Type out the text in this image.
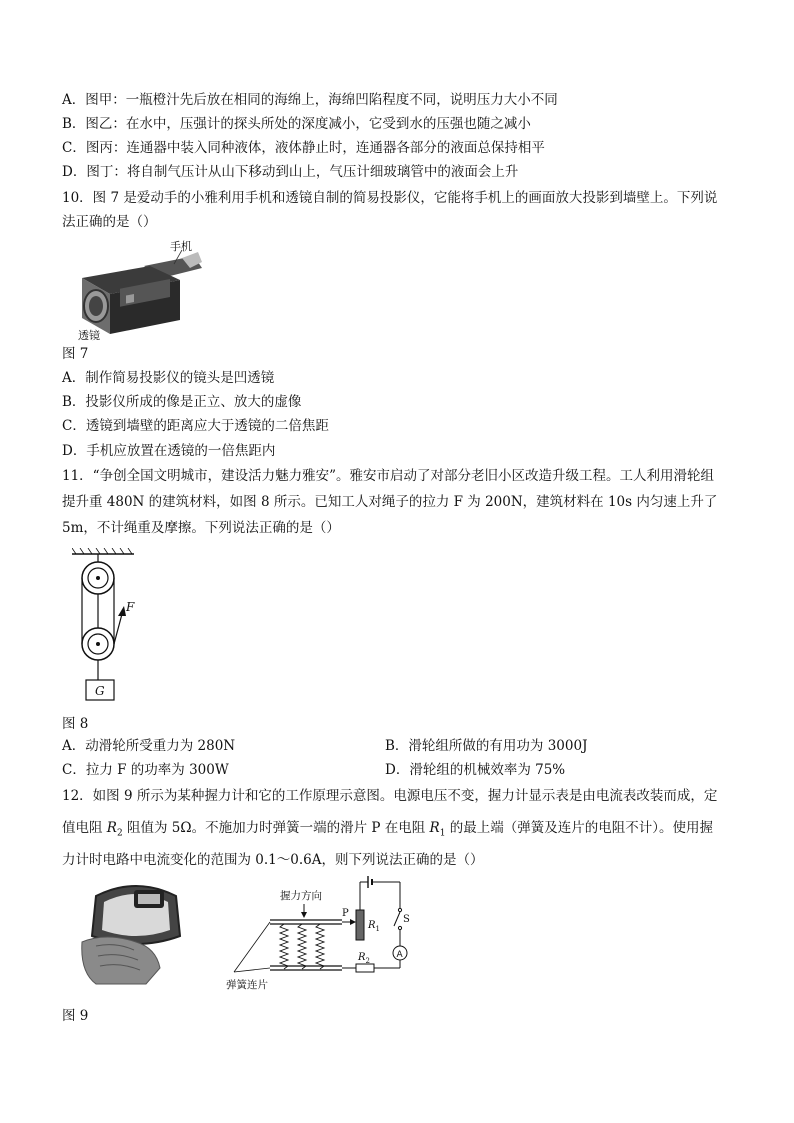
A．图甲：一瓶橙汁先后放在相同的海绵上，海绵凹陷程度不同，说明压力大小不同
B．图乙：在水中，压强计的探头所处的深度减小，它受到水的压强也随之减小
C．图丙：连通器中装入同种液体，液体静止时，连通器各部分的液面总保持相平
D．图丁：将自制气压计从山下移动到山上，气压计细玻璃管中的液面会上升
10．图 7 是爱动手的小雅利用手机和透镜自制的简易投影仪，它能将手机上的画面放大投影到墙壁上。下列说
法正确的是（）
手机
透镜
图 7
A．制作简易投影仪的镜头是凹透镜
B．投影仪所成的像是正立、放大的虚像
C．透镜到墙壁的距离应大于透镜的二倍焦距
D．手机应放置在透镜的一倍焦距内
11．“争创全国文明城市，建设活力魅力雅安”。雅安市启动了对部分老旧小区改造升级工程。工人利用滑轮组
提升重 480N 的建筑材料，如图 8 所示。已知工人对绳子的拉力 F 为 200N，建筑材料在 10s 内匀速上升了
5m，不计绳重及摩擦。下列说法正确的是（）
F
G
图 8
A．动滑轮所受重力为 280N	B．滑轮组所做的有用功为 3000J
C．拉力 F 的功率为 300W	D．滑轮组的机械效率为 75%
12．如图 9 所示为某种握力计和它的工作原理示意图。电源电压不变，握力计显示表是由电流表改装而成，定
值电阻 $R_2$ 阻值为 5Ω。不施加力时弹簧一端的滑片 P 在电阻 $R_1$ 的最上端（弹簧及连片的电阻不计）。使用握
力计时电路中电流变化的范围为 0.1～0.6A，则下列说法正确的是（）
握力方向
弹簧连片
P
$R_1$
S
A
$R_2$
图 9
